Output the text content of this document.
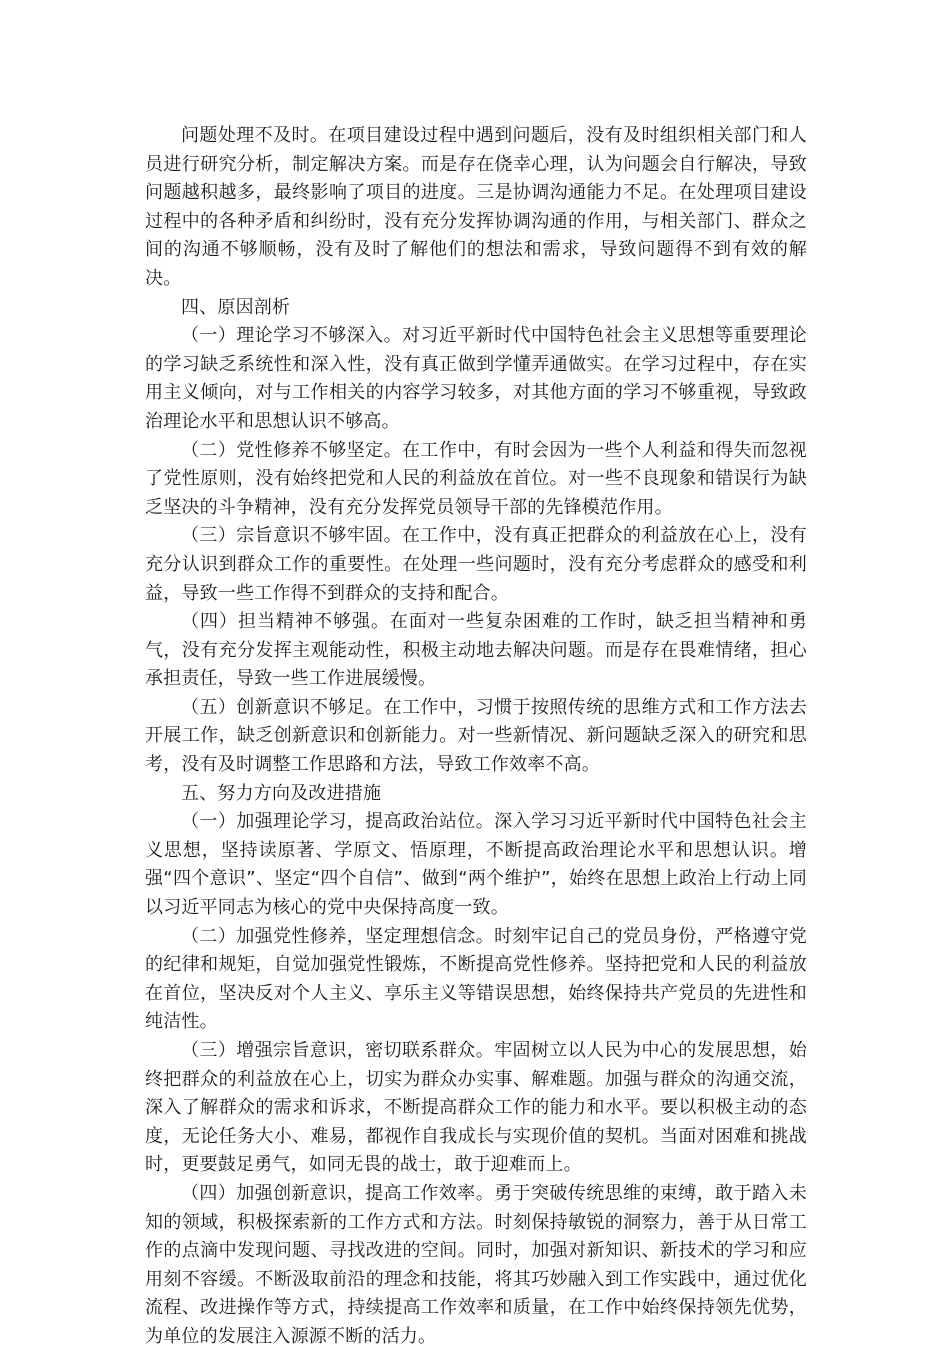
问题处理不及时。在项目建设过程中遇到问题后，没有及时组织相关部门和人员进行研究分析，制定解决方案。而是存在侥幸心理，认为问题会自行解决，导致问题越积越多，最终影响了项目的进度。三是协调沟通能力不足。在处理项目建设过程中的各种矛盾和纠纷时，没有充分发挥协调沟通的作用，与相关部门、群众之间的沟通不够顺畅，没有及时了解他们的想法和需求，导致问题得不到有效的解决。

四、原因剖析

（一）理论学习不够深入。对习近平新时代中国特色社会主义思想等重要理论的学习缺乏系统性和深入性，没有真正做到学懂弄通做实。在学习过程中，存在实用主义倾向，对与工作相关的内容学习较多，对其他方面的学习不够重视，导致政治理论水平和思想认识不够高。

（二）党性修养不够坚定。在工作中，有时会因为一些个人利益和得失而忽视了党性原则，没有始终把党和人民的利益放在首位。对一些不良现象和错误行为缺乏坚决的斗争精神，没有充分发挥党员领导干部的先锋模范作用。

（三）宗旨意识不够牢固。在工作中，没有真正把群众的利益放在心上，没有充分认识到群众工作的重要性。在处理一些问题时，没有充分考虑群众的感受和利益，导致一些工作得不到群众的支持和配合。

（四）担当精神不够强。在面对一些复杂困难的工作时，缺乏担当精神和勇气，没有充分发挥主观能动性，积极主动地去解决问题。而是存在畏难情绪，担心承担责任，导致一些工作进展缓慢。

（五）创新意识不够足。在工作中，习惯于按照传统的思维方式和工作方法去开展工作，缺乏创新意识和创新能力。对一些新情况、新问题缺乏深入的研究和思考，没有及时调整工作思路和方法，导致工作效率不高。

五、努力方向及改进措施

（一）加强理论学习，提高政治站位。深入学习习近平新时代中国特色社会主义思想，坚持读原著、学原文、悟原理，不断提高政治理论水平和思想认识。增强“四个意识”、坚定“四个自信”、做到“两个维护”，始终在思想上政治上行动上同以习近平同志为核心的党中央保持高度一致。

（二）加强党性修养，坚定理想信念。时刻牢记自己的党员身份，严格遵守党的纪律和规矩，自觉加强党性锻炼，不断提高党性修养。坚持把党和人民的利益放在首位，坚决反对个人主义、享乐主义等错误思想，始终保持共产党员的先进性和纯洁性。

（三）增强宗旨意识，密切联系群众。牢固树立以人民为中心的发展思想，始终把群众的利益放在心上，切实为群众办实事、解难题。加强与群众的沟通交流，深入了解群众的需求和诉求，不断提高群众工作的能力和水平。要以积极主动的态度，无论任务大小、难易，都视作自我成长与实现价值的契机。当面对困难和挑战时，更要鼓足勇气，如同无畏的战士，敢于迎难而上。

（四）加强创新意识，提高工作效率。勇于突破传统思维的束缚，敢于踏入未知的领域，积极探索新的工作方式和方法。时刻保持敏锐的洞察力，善于从日常工作的点滴中发现问题、寻找改进的空间。同时，加强对新知识、新技术的学习和应用刻不容缓。不断汲取前沿的理念和技能，将其巧妙融入到工作实践中，通过优化流程、改进操作等方式，持续提高工作效率和质量，在工作中始终保持领先优势，为单位的发展注入源源不断的活力。
